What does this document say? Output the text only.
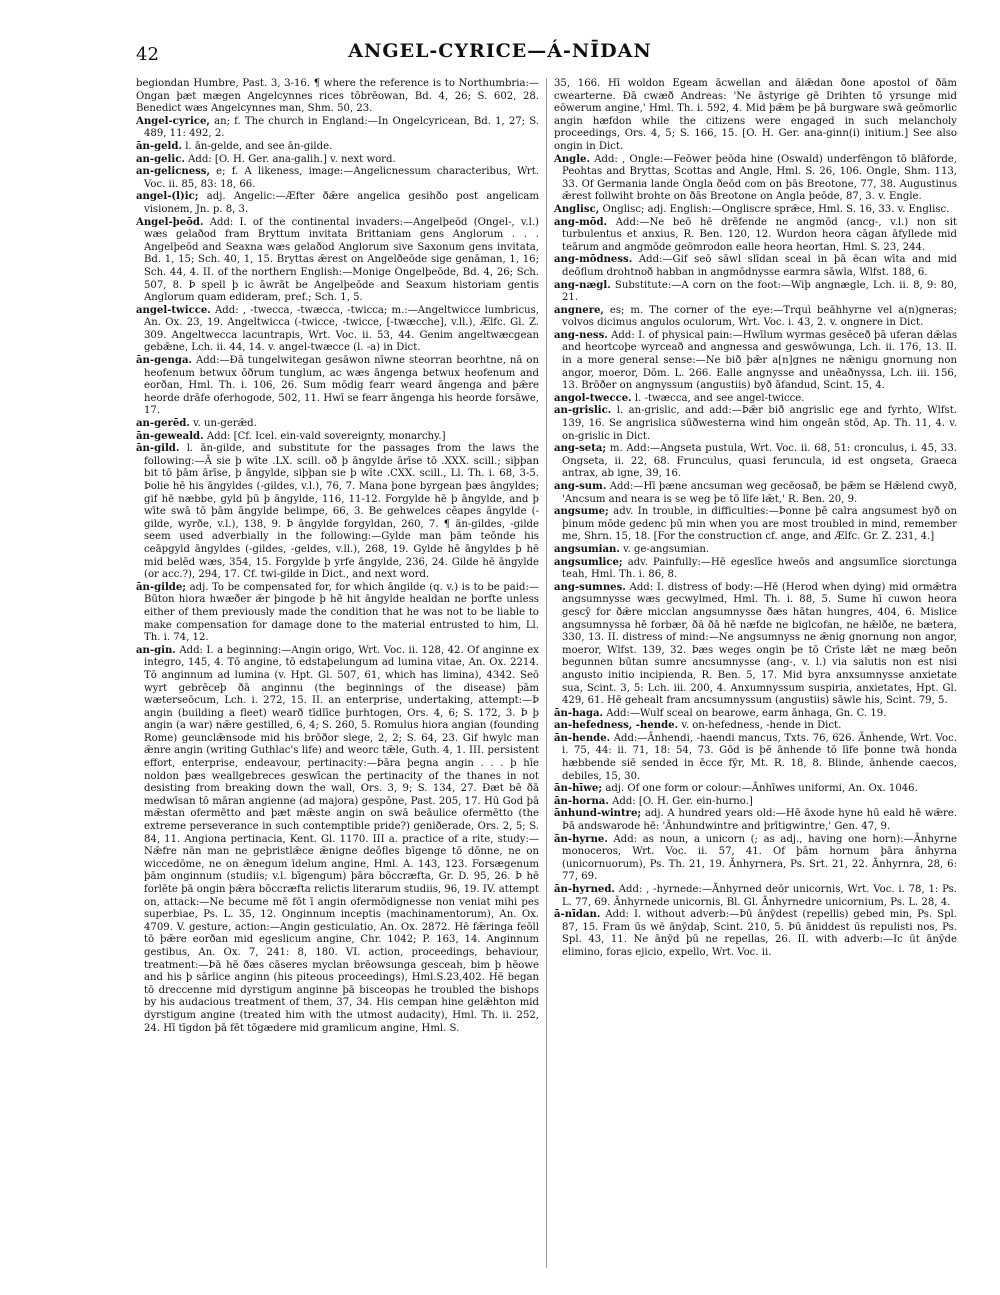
42	ANGEL-CYRICE—Á-NĪDAN

begiondan Humbre, Past. 3, 3-16. ¶ where the reference is to Northumbria:—Ongan þæt mægen Angelcynnes rices tōbrēowan, Bd. 4, 26; S. 602, 28. Benedict wæs Angelcynnes man, Shm. 50, 23.

Angel-cyrice, an; f. The church in England:—In Ongelcyricean, Bd. 1, 27; S. 489, 11: 492, 2.

ān-geld. l. ān-gelde, and see ān-gilde.

an-gelic. Add: [O. H. Ger. ana-galih.] v. next word.

an-gelicness, e; f. A likeness, image:—Angelicnessum characteribus, Wrt. Voc. ii. 85, 83: 18, 66.

angel-(l)ic; adj. Angelic:—Æfter ðǣre angelica gesihðo post angelicam visionem, Jn. p. 8, 3.

Angel-þeōd. Add: I. of the continental invaders:—Angelþeōd (Ongel-, v.l.) wæs gelaðod fram Bryttum invitata Brittaniam gens Anglorum . . . Angelþeōd and Seaxna wæs gelaðod Anglorum sive Saxonum gens invitata, Bd. 1, 15; Sch. 40, 1, 15. Bryttas ǣrest on Angelðeōde sige genāman, 1, 16; Sch. 44, 4. II. of the northern English:—Monige Ongelþeōde, Bd. 4, 26; Sch. 507, 8. Þ spell þ ic āwrāt be Angelþeōde and Seaxum historiam gentis Anglorum quam edideram, pref.; Sch. 1, 5.

angel-twicce. Add: , -twecca, -twæcca, -twicca; m.:—Angeltwicce lumbricus, An. Ox. 23, 19. Angeltwicca (-twicce, -twicce, [-twæcche], v.ll.), Ælfc. Gl. Z. 309. Angeltwecca lacuntrapis, Wrt. Voc. ii. 53, 44. Genim angeltwæcgean gebǣne, Lch. ii. 44, 14. v. angel-twæcce (l. -a) in Dict.

ān-genga. Add:—Ðā tungelwitegan gesāwon nīwne steorran beorhtne, nā on heofenum betwux ōðrum tunglum, ac wæs āngenga betwux heofenum and eorðan, Hml. Th. i. 106, 26. Sum mōdig fearr weard āngenga and þǣre heorde drāfe oferhogode, 502, 11. Hwī se fearr āngenga his heorde forsāwe, 17.

an-gerēd. v. un-gerǣd.

ān-geweald. Add: [Cf. Icel. ein-vald sovereignty, monarchy.]

ān-gild. l. ān-gilde, and substitute for the passages from the laws the following:—Ā sie þ wīte .LX. scill. oð þ āngylde ārīse tō .XXX. scill.; siþþan bit tō þām ārīse, þ āngylde, siþþan sie þ wīte .CXX. scill., Ll. Th. i. 68, 3-5. Þolie hē his āngyldes (-gildes, v.l.), 76, 7. Mana þone byrgean þæs āngyldes; gif hē næbbe, gyld þū þ āngylde, 116, 11-12. Forgylde hē þ āngylde, and þ wīte swā tō þām āngylde belimpe, 66, 3. Be gehwelces cēapes āngylde (-gilde, wyrðe, v.l.), 138, 9. Þ āngylde forgyldan, 260, 7. ¶ ān-gildes, -gilde seem used adverbially in the following:—Gylde man þām teōnde his ceāpgyld āngyldes (-gildes, -geldes, v.ll.), 268, 19. Gylde hē āngyldes þ hē mid belēd wæs, 354, 15. Forgylde þ yrfe āngylde, 236, 24. Gilde hē āngylde (or acc.?), 294, 17. Cf. twi-gilde in Dict., and next word.

ān-gilde; adj. To be compensated for, for which āngilde (q. v.) is to be paid:—Būton hiora hwæðer ǣr þingode þ hē hit āngylde healdan ne þorfte unless either of them previously made the condition that he was not to be liable to make compensation for damage done to the material entrusted to him, Ll. Th. i. 74, 12.

an-gin. Add: I. a beginning:—Angin origo, Wrt. Voc. ii. 128, 42. Of anginne ex integro, 145, 4. Tō angine, tō edstaþelungum ad lumina vitae, An. Ox. 2214. Tō anginnum ad lumina (v. Hpt. Gl. 507, 61, which has limina), 4342. Seō wyrt gebrēceþ ðā anginnu (the beginnings of the disease) þām wæterseōcum, Lch. i. 272, 15. II. an enterprise, undertaking, attempt:—Þ angin (building a fleet) wearð tīdlīce þurhtogen, Ors. 4, 6; S. 172, 3. Þ þ angin (a war) nǣre gestilled, 6, 4; S. 260, 5. Romulus hiora angian (founding Rome) geunclǣnsode mid his brōðor slege, 2, 2; S. 64, 23. Gif hwylc man ǣnre angin (writing Guthlac's life) and weorc tǣle, Guth. 4, 1. III. persistent effort, enterprise, endeavour, pertinacity:—Þāra þegna angin . . . þ hīe noldon þæs weallgebreces geswīcan the pertinacity of the thanes in not desisting from breaking down the wall, Ors. 3, 9; S. 134, 27. Ðæt bē ðā medwīsan tō māran angienne (ad majora) gespōne, Past. 205, 17. Hū God þā mǣstan ofermētto and þæt mǣste angin on swā beāulice ofermētto (the extreme perseverance in such contemptible pride?) geniðerade, Ors. 2, 5; S. 84, 11. Angiona pertinacia, Kent. Gl. 1170. III a. practice of a rite, study:—Nǣfre nān man ne geþristlǣce ǣnigne deōfles bīgenge tō dōnne, ne on wiccedōme, ne on ǣnegum īdelum angine, Hml. A. 143, 123. Forsægenum þām onginnum (studiis; v.l. bīgengum) þāra bōccræfta, Gr. D. 95, 26. Þ hē forlēte þā ongin þǣra bōccræfta relictis literarum studiis, 96, 19. IV. attempt on, attack:—Ne becume mē fōt ī angin ofermōdignesse non veniat mihi pes superbiae, Ps. L. 35, 12. Onginnum inceptis (machinamentorum), An. Ox. 4709. V. gesture, action:—Angin gesticulatio, An. Ox. 2872. Hē fǣringa feōll tō þǣre eorðan mid egeslicum angine, Chr. 1042; P. 163, 14. Anginnum gestibus, An. Ox. 7, 241: 8, 180. VI. action, proceedings, behaviour, treatment:—Þā hē ðæs cāseres myclan brēowsunga gesceah, bim þ hēowe and his þ sārlice anginn (his piteous proceedings), Hml.S.23,402. Hē began tō dreccenne mid dyrstigum anginne þā bisceopas he troubled the bishops by his audacious treatment of them, 37, 34. His cempan hine gelǣhton mid dyrstigum angine (treated him with the utmost audacity), Hml. Th. ii. 252, 24. Hī tīgdon þā fēt tōgædere mid gramlicum angine, Hml. S.

35, 166. Hī woldon Egeam ācwellan and ālǣdan ðone apostol of ðām cwearterne. Ðā cwæð Andreas: 'Ne āstyrige gē Drihten tō yrsunge mid eōwerum angine,' Hml. Th. i. 592, 4. Mid þǣm þe þā burgware swā geōmorlic angin hæfdon while the citizens were engaged in such melancholy proceedings, Ors. 4, 5; S. 166, 15. [O. H. Ger. ana-ginn(i) initium.] See also ongin in Dict.

Angle. Add: , Ongle:—Feōwer þeōda hine (Oswald) underfēngon tō blāforde, Peohtas and Bryttas, Scottas and Angle, Hml. S. 26, 106. Ongle, Shm. 113, 33. Of Germania lande Ongla ðeōd com on þās Breotone, 77, 38. Augustinus ǣrest follwiht brohte on ðās Breotone on Angla þeōde, 87, 3. v. Engle.

Anglisc, Onglisc; adj. English:—Ongliscre sprǣce, Hml. S. 16, 33. v. Englisc.

ang-mōd. Add:—Ne beō hē drēfende ne angmōd (ancg-, v.l.) non sit turbulentus et anxius, R. Ben. 120, 12. Wurdon heora cāgan āfyllede mid teārum and angmōde geōmrodon ealle heora heortan, Hml. S. 23, 244.

ang-mōdness. Add:—Gif seō sāwl slīdan sceal in þā ēcan wīta and mid deōflum drohtnoð habban in angmōdnysse earmra sāwla, Wlfst. 188, 6.

ang-nægl. Substitute:—A corn on the foot:—Wiþ angnægle, Lch. ii. 8, 9: 80, 21.

angnere, es; m. The corner of the eye:—Trquì beāhhyrne vel a(n)gneras; volvos dicimus angulos oculorum, Wrt. Voc. i. 43, 2. v. ongnere in Dict.

ang-ness. Add: I. of physical pain:—Hwīlum wyrmas gesēceð þā uferan dǣlas and heortcoþe wyrceað and angnessa and geswōwunga, Lch. ii. 176, 13. II. in a more general sense:—Ne bið þǣr a[n]gnes ne nǣnigu gnornung non angor, moeror, Dōm. L. 266. Ealle angnysse and unēaðnyssa, Lch. iii. 156, 13. Brōðer on angnyssum (angustiis) byð āfandud, Scint. 15, 4.

angol-twecce. l. -twæcca, and see angel-twicce.

an-grislic. l. an-grislic, and add:—Þǣr bið angrislic ege and fyrhto, Wlfst. 139, 16. Se angrislica sūðwesterna wind him ongeān stōd, Ap. Th. 11, 4. v. on-grislic in Dict.

ang-seta; m. Add:—Angseta pustula, Wrt. Voc. ii. 68, 51: cronculus, i. 45, 33. Ongseta, ii. 22, 68. Frunculus, quasi feruncula, id est ongseta, Graeca antrax, ab igne, 39, 16.

ang-sum. Add:—Hī þæne ancsuman weg gecēosað, be þǣm se Hǣlend cwyð, 'Ancsum and neara is se weg þe tō līfe lǣt,' R. Ben. 20, 9.

angsume; adv. In trouble, in difficulties:—Þonne þē calra angsumest byð on þinum mōde gedenc þū min when you are most troubled in mind, remember me, Shrn. 15, 18. [For the construction cf. ange, and Ælfc. Gr. Z. 231, 4.]

angsumian. v. ge-angsumian.

angsumlice; adv. Painfully:—Hē egeslīce hweōs and angsumlīce siorctunga teah, Hml. Th. i. 86, 8.

ang-sumnes. Add: I. distress of body:—Hē (Herod when dying) mid ormǣtra angsumnysse wæs gecwylmed, Hml. Th. i. 88, 5. Sume hī cuwon heora gescȳ for ðǣre micclan angsumnysse ðæs hātan hungres, 404, 6. Mislice angsumnyssa hē forbær, ðā ðā hē næfde ne biglcofan, ne hǣlðe, ne bætera, 330, 13. II. distress of mind:—Ne angsumnyss ne ǣnig gnornung non angor, moeror, Wlfst. 139, 32. Þæs weges ongin þe tō Crīste lǣt ne mæg beōn begunnen būtan sumre ancsumnysse (ang-, v. l.) via salutis non est nisi angusto initio incipienda, R. Ben. 5, 17. Mid byra anxsumnysse anxietate sua, Scint. 3, 5: Lch. iii. 200, 4. Anxumnyssum suspiria, anxietates, Hpt. Gl. 429, 61. Hē gehealt fram ancsumnyssum (angustiis) sāwle his, Scint. 79, 5.

ān-haga. Add:—Wulf sceal on bearowe, earm ānhaga, Gn. C. 19.

an-hefedness, -hende. v. on-hefedness, -hende in Dict.

ān-hende. Add:—Ānhendi, -haendi mancus, Txts. 76, 626. Ānhende, Wrt. Voc. i. 75, 44: ii. 71, 18: 54, 73. Gōd is þē ānhende tō līfe þonne twā honda hæbbende siē sended in ēcce fȳr, Mt. R. 18, 8. Blinde, ānhende caecos, debiles, 15, 30.

ān-hīwe; adj. Of one form or colour:—Ānhīwes uniformi, An. Ox. 1046.

ān-horna. Add: [O. H. Ger. ein-hurno.]

ānhund-wintre; adj. A hundred years old:—Hē āxode hyne hū eald hē wǣre. Þā andswarode hē: 'Ānhundwintre and þrītigwintre,' Gen. 47, 9.

ān-hyrne. Add: as noun, a unicorn (; as adj., having one horn):—Ānhyrne monoceros, Wrt. Voc. ii. 57, 41. Of þām hornum þāra ānhyrna (unicornuorum), Ps. Th. 21, 19. Ānhyrnera, Ps. Srt. 21, 22. Ānhyrnra, 28, 6: 77, 69.

ān-hyrned. Add: , -hyrnede:—Ānhyrned deōr unicornis, Wrt. Voc. i. 78, 1: Ps. L. 77, 69. Ānhyrnede unicornis, Bl. Gl. Ānhyrnedre unicornium, Ps. L. 28, 4.

ā-nīdan. Add: I. without adverb:—Þū ānȳdest (repellis) gebed min, Ps. Spl. 87, 15. Fram ūs wē ānȳdaþ, Scint. 210, 5. Þū āniddest ūs repulisti nos, Ps. Spl. 43, 11. Ne ānȳd þū ne repellas, 26. II. with adverb:—Ic ūt ānȳde elimino, foras ejicio, expello, Wrt. Voc. ii.
